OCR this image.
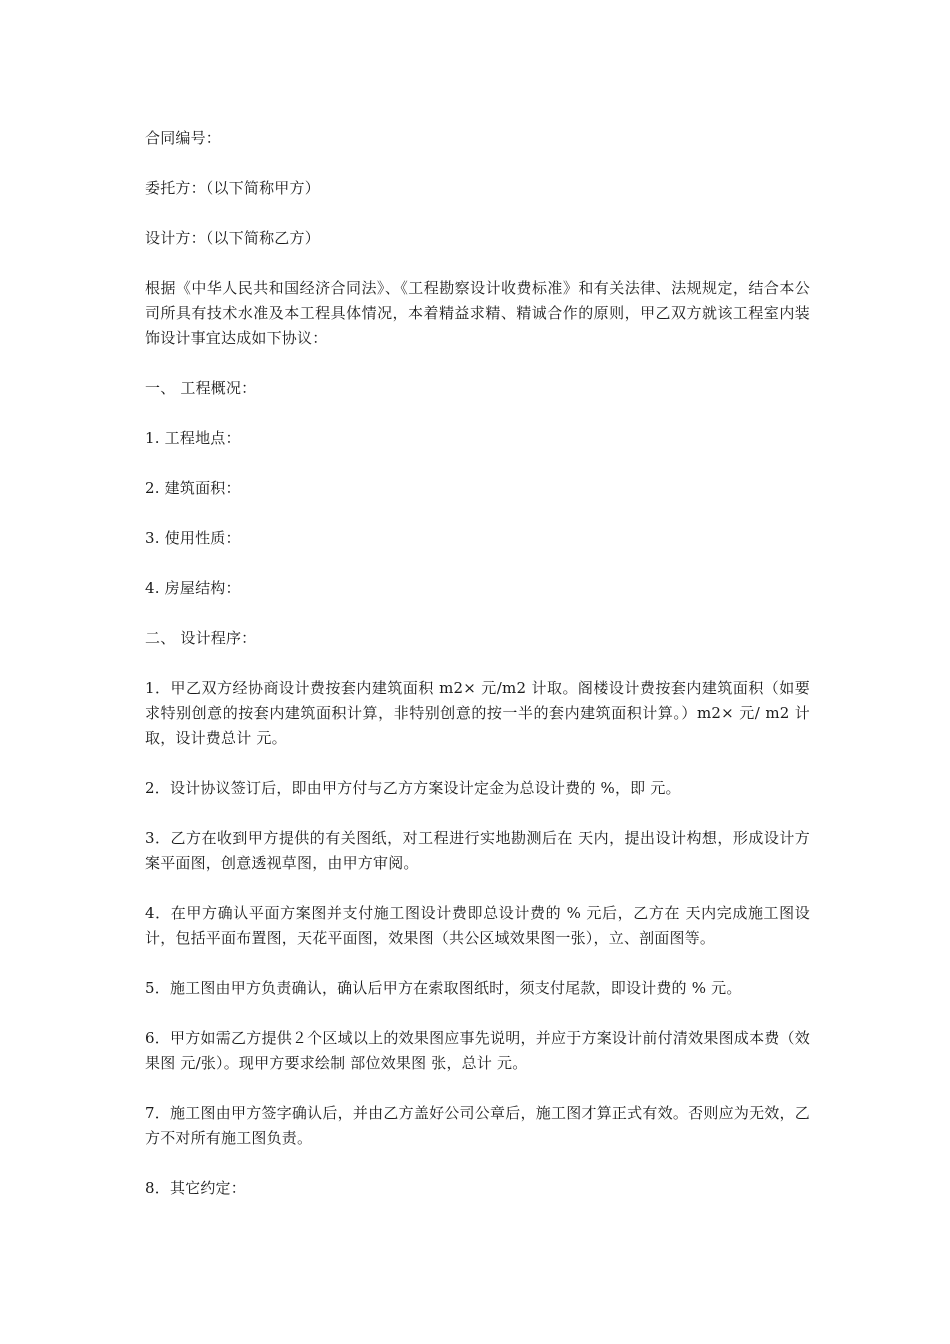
合同编号：

委托方：（以下简称甲方）

设计方：（以下简称乙方）

根据《中华人民共和国经济合同法》、《工程勘察设计收费标准》和有关法律、法规规定，结合本公司所具有技术水准及本工程具体情况，本着精益求精、精诚合作的原则，甲乙双方就该工程室内装饰设计事宜达成如下协议：

一、 工程概况：

1. 工程地点：

2. 建筑面积：

3. 使用性质：

4. 房屋结构：

二、 设计程序：

1．甲乙双方经协商设计费按套内建筑面积 m2× 元/m2 计取。阁楼设计费按套内建筑面积（如要求特别创意的按套内建筑面积计算，非特别创意的按一半的套内建筑面积计算。）m2× 元/ m2 计取，设计费总计 元。

2．设计协议签订后，即由甲方付与乙方方案设计定金为总设计费的 %，即 元。

3．乙方在收到甲方提供的有关图纸，对工程进行实地勘测后在 天内，提出设计构想，形成设计方案平面图，创意透视草图，由甲方审阅。

4．在甲方确认平面方案图并支付施工图设计费即总设计费的 % 元后，乙方在 天内完成施工图设计，包括平面布置图，天花平面图，效果图（共公区域效果图一张），立、剖面图等。

5．施工图由甲方负责确认，确认后甲方在索取图纸时，须支付尾款，即设计费的 % 元。

6．甲方如需乙方提供２个区域以上的效果图应事先说明，并应于方案设计前付清效果图成本费（效果图 元/张）。现甲方要求绘制 部位效果图 张，总计 元。

7．施工图由甲方签字确认后，并由乙方盖好公司公章后，施工图才算正式有效。否则应为无效，乙方不对所有施工图负责。

8．其它约定：
